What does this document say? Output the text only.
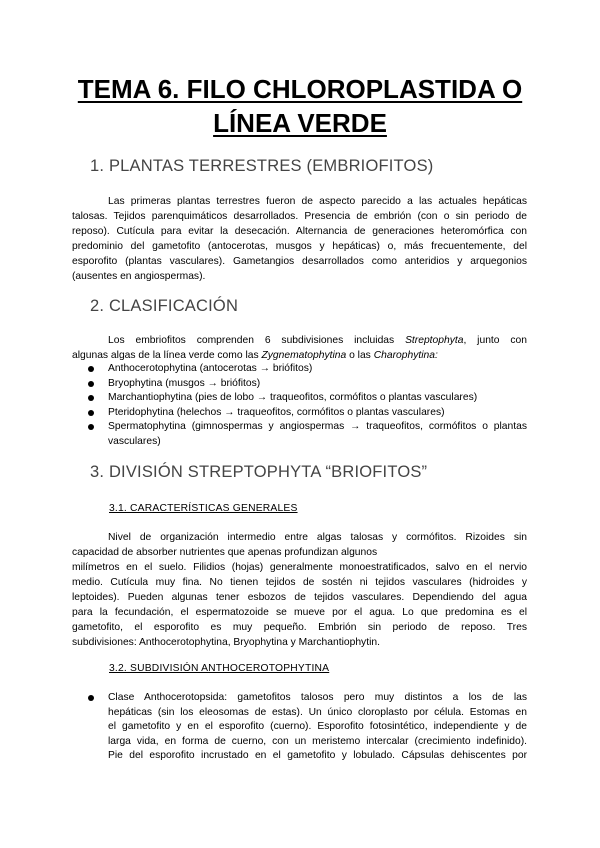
TEMA 6. FILO CHLOROPLASTIDA O
LÍNEA VERDE
1. PLANTAS TERRESTRES (EMBRIOFITOS)
Las primeras plantas terrestres fueron de aspecto parecido a las actuales hepáticas
talosas. Tejidos parenquimáticos desarrollados. Presencia de embrión (con o sin periodo de
reposo). Cutícula para evitar la desecación. Alternancia de generaciones heteromórfica con
predominio del gametofito (antocerotas, musgos y hepáticas) o, más frecuentemente, del
esporofito (plantas vasculares). Gametangios desarrollados como anteridios y arquegonios
(ausentes en angiospermas).
2. CLASIFICACIÓN
Los embriofitos comprenden 6 subdivisiones incluidas Streptophyta, junto con
algunas algas de la línea verde como las Zygnematophytina o las Charophytina:
Anthocerotophytina (antocerotas → briófitos)
Bryophytina (musgos → briófitos)
Marchantiophytina (pies de lobo → traqueofitos, cormófitos o plantas vasculares)
Pteridophytina (helechos → traqueofitos, cormófitos o plantas vasculares)
Spermatophytina (gimnospermas y angiospermas → traqueofitos, cormófitos o plantas vasculares)
3. DIVISIÓN STREPTOPHYTA “BRIOFITOS”
3.1. CARACTERÍSTICAS GENERALES
Nivel de organización intermedio entre algas talosas y cormófitos. Rizoides sin
capacidad de absorber nutrientes que apenas profundizan algunos
milímetros en el suelo. Filidios (hojas) generalmente monoestratificados, salvo en el nervio
medio. Cutícula muy fina. No tienen tejidos de sostén ni tejidos vasculares (hidroides y
leptoides). Pueden algunas tener esbozos de tejidos vasculares. Dependiendo del agua
para la fecundación, el espermatozoide se mueve por el agua. Lo que predomina es el
gametofito, el esporofito es muy pequeño. Embrión sin periodo de reposo. Tres
subdivisiones: Anthocerotophytina, Bryophytina y Marchantiophytin.
3.2. SUBDIVISIÓN ANTHOCEROTOPHYTINA
Clase Anthocerotopsida: gametofitos talosos pero muy distintos a los de las
hepáticas (sin los eleosomas de estas). Un único cloroplasto por célula. Estomas en
el gametofito y en el esporofito (cuerno). Esporofito fotosintético, independiente y de
larga vida, en forma de cuerno, con un meristemo intercalar (crecimiento indefinido).
Pie del esporofito incrustado en el gametofito y lobulado. Cápsulas dehiscentes por
